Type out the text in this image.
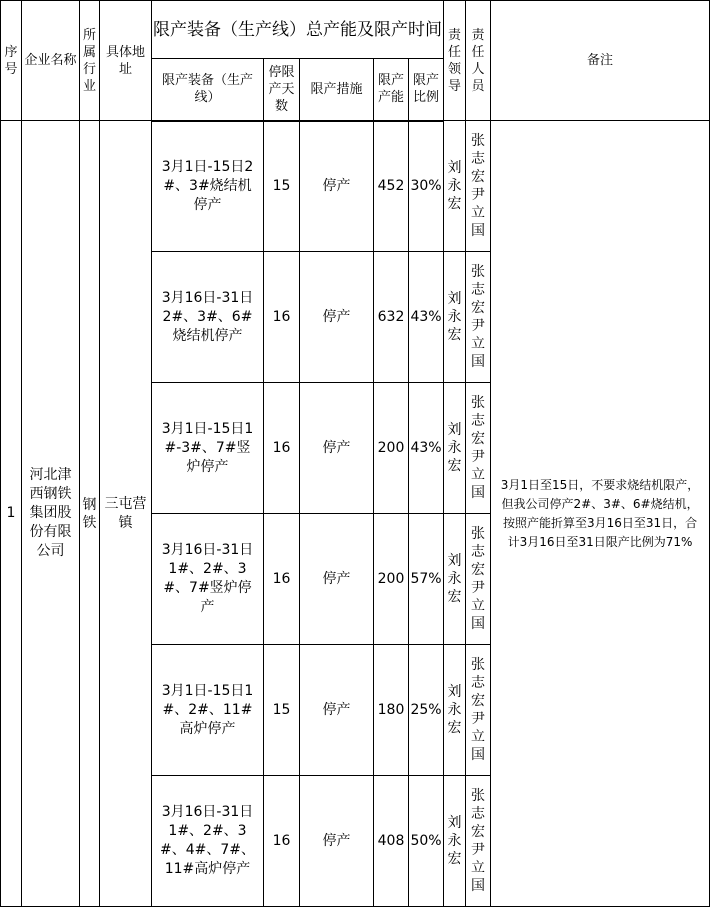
序号	企业名称	所属行业	具体地址	限产装备（生产线）总产能及限产时间					责任领导	责任人员	备注
				限产装备（生产线）	停限产天数	限产措施	限产产能	限产比例			
1	河北津西钢铁集团股份有限公司	钢铁	三屯营镇	3月1日-15日2#、3#烧结机停产	15	停产	452	30%	刘永宏	张志宏尹立国	3月1日至15日，不要求烧结机限产，但我公司停产2#、3#、6#烧结机，按照产能折算至3月16日至31日，合计3月16日至31日限产比例为71%
				3月16日-31日2#、3#、6#烧结机停产	16	停产	632	43%	刘永宏	张志宏尹立国	
				3月1日-15日1#-3#、7#竖炉停产	16	停产	200	43%	刘永宏	张志宏尹立国	
				3月16日-31日1#、2#、3#、7#竖炉停产	16	停产	200	57%	刘永宏	张志宏尹立国	
				3月1日-15日1#、2#、11#高炉停产	15	停产	180	25%	刘永宏	张志宏尹立国	
				3月16日-31日1#、2#、3#、4#、7#、11#高炉停产	16	停产	408	50%	刘永宏	张志宏尹立国	
